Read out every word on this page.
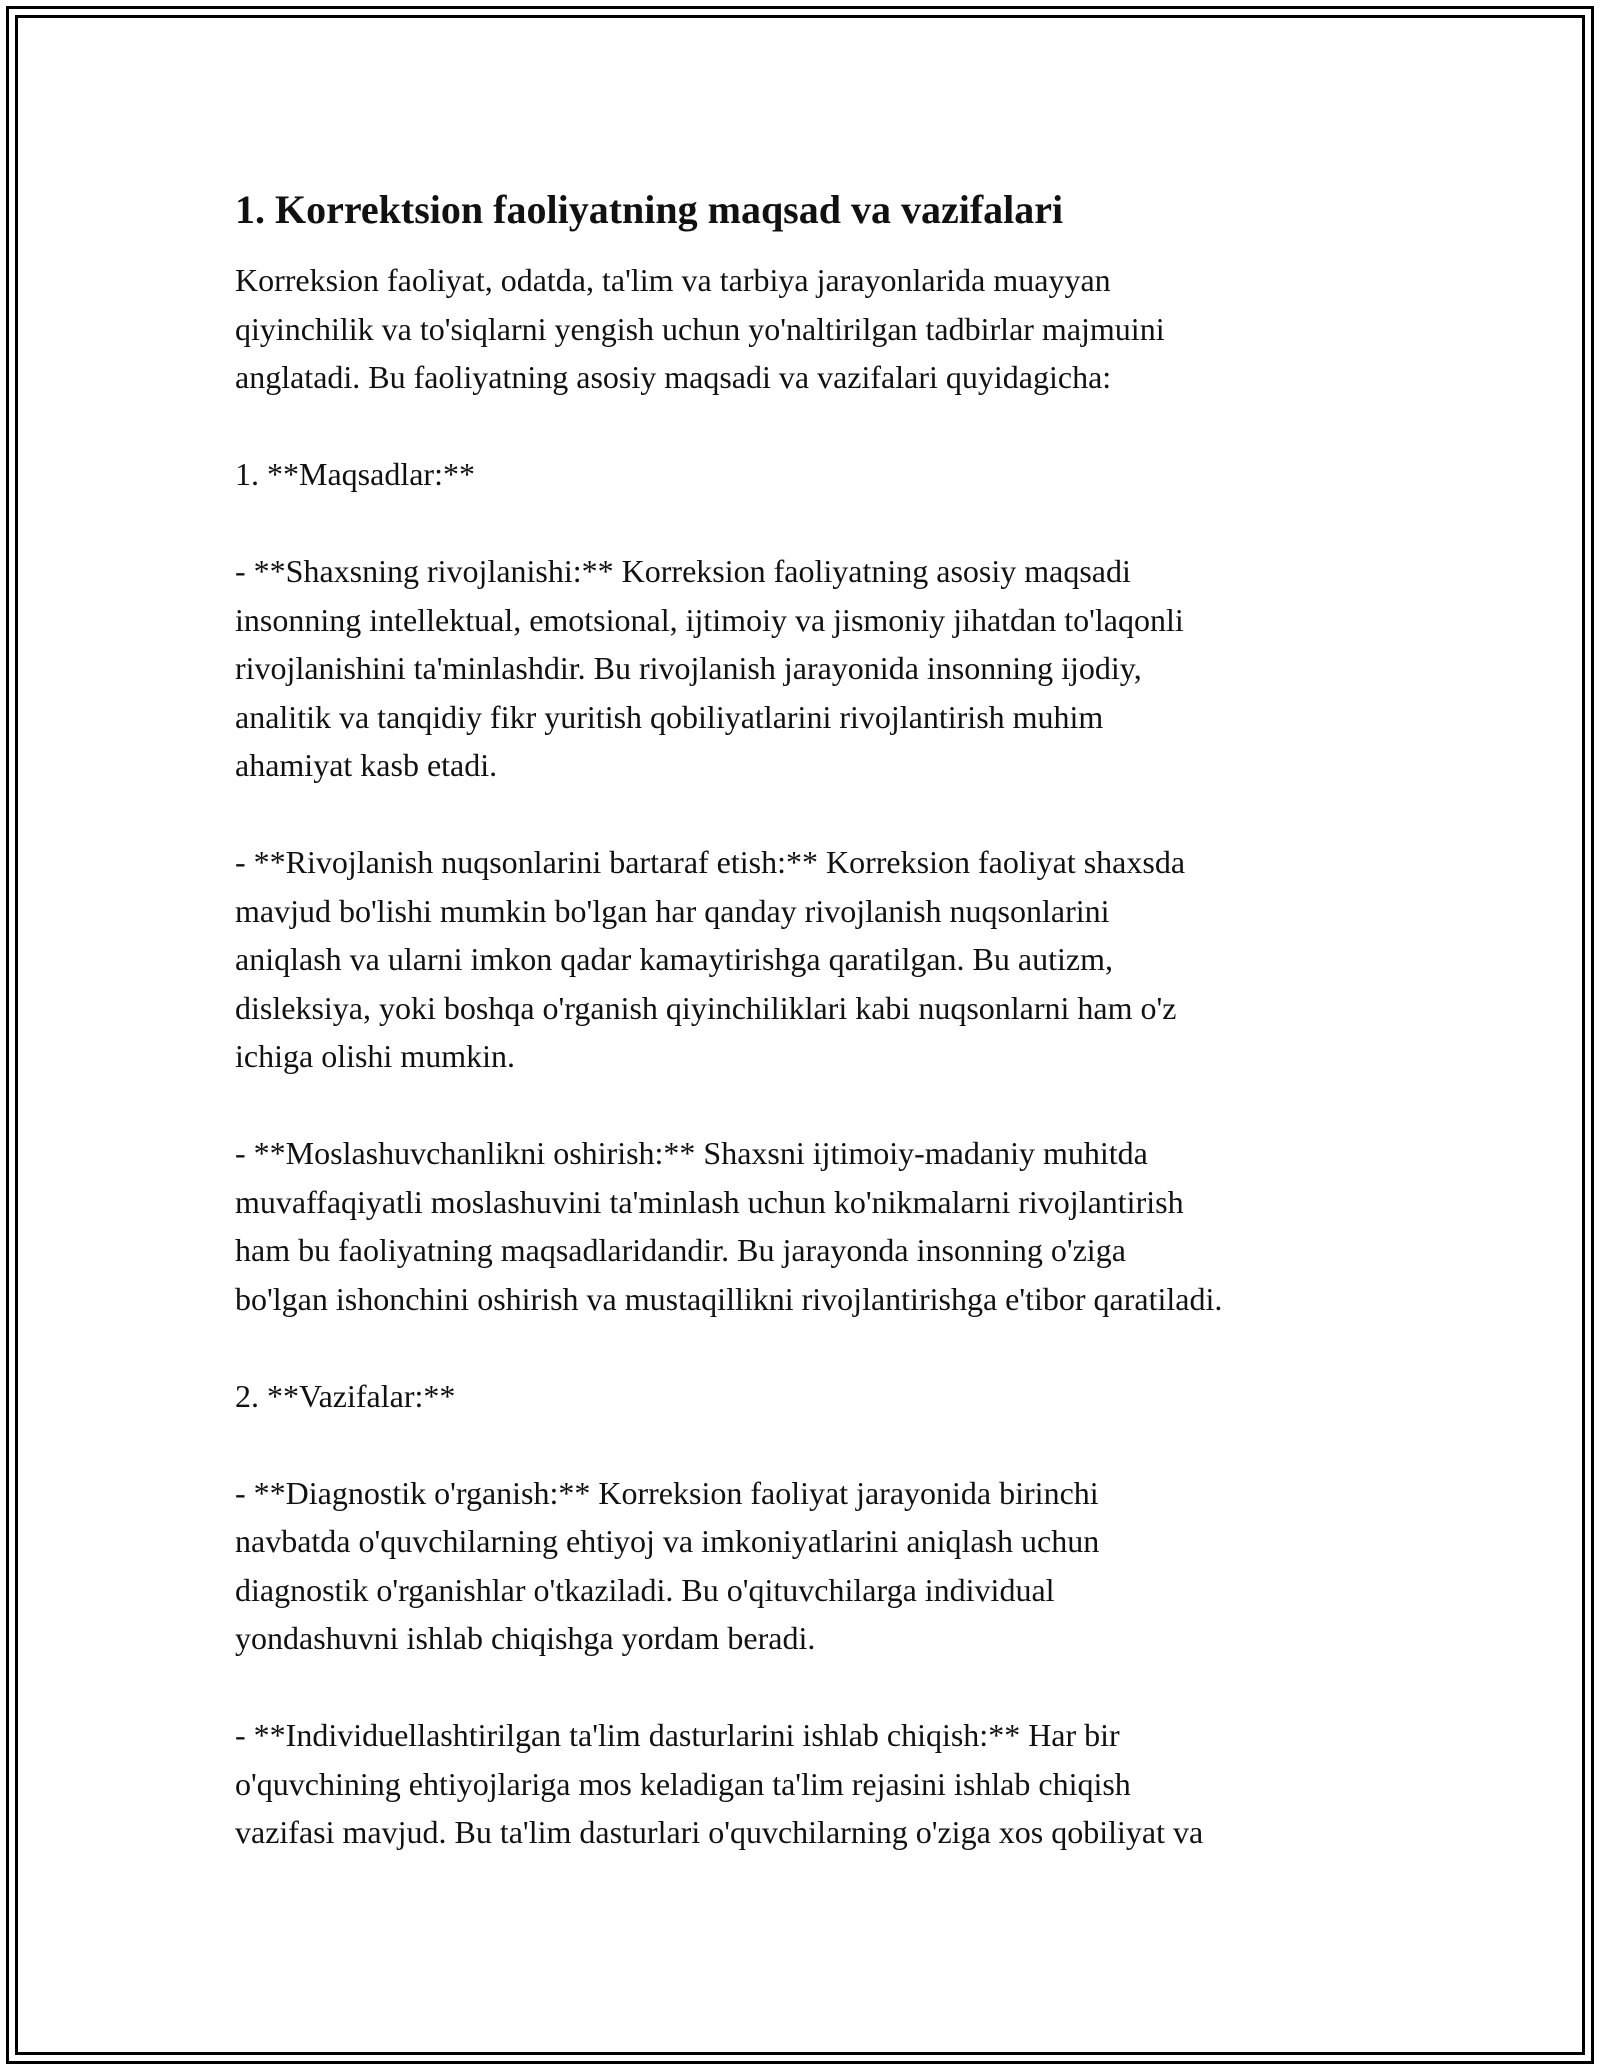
1. Korrektsion faoliyatning maqsad va vazifalari

Korreksion faoliyat, odatda, ta'lim va tarbiya jarayonlarida muayyan
qiyinchilik va to'siqlarni yengish uchun yo'naltirilgan tadbirlar majmuini
anglatadi. Bu faoliyatning asosiy maqsadi va vazifalari quyidagicha:

1. **Maqsadlar:**

- **Shaxsning rivojlanishi:** Korreksion faoliyatning asosiy maqsadi
insonning intellektual, emotsional, ijtimoiy va jismoniy jihatdan to'laqonli
rivojlanishini ta'minlashdir. Bu rivojlanish jarayonida insonning ijodiy,
analitik va tanqidiy fikr yuritish qobiliyatlarini rivojlantirish muhim
ahamiyat kasb etadi.

- **Rivojlanish nuqsonlarini bartaraf etish:** Korreksion faoliyat shaxsda
mavjud bo'lishi mumkin bo'lgan har qanday rivojlanish nuqsonlarini
aniqlash va ularni imkon qadar kamaytirishga qaratilgan. Bu autizm,
disleksiya, yoki boshqa o'rganish qiyinchiliklari kabi nuqsonlarni ham o'z
ichiga olishi mumkin.

- **Moslashuvchanlikni oshirish:** Shaxsni ijtimoiy-madaniy muhitda
muvaffaqiyatli moslashuvini ta'minlash uchun ko'nikmalarni rivojlantirish
ham bu faoliyatning maqsadlaridandir. Bu jarayonda insonning o'ziga
bo'lgan ishonchini oshirish va mustaqillikni rivojlantirishga e'tibor qaratiladi.

2. **Vazifalar:**

- **Diagnostik o'rganish:** Korreksion faoliyat jarayonida birinchi
navbatda o'quvchilarning ehtiyoj va imkoniyatlarini aniqlash uchun
diagnostik o'rganishlar o'tkaziladi. Bu o'qituvchilarga individual
yondashuvni ishlab chiqishga yordam beradi.

- **Individuellashtirilgan ta'lim dasturlarini ishlab chiqish:** Har bir
o'quvchining ehtiyojlariga mos keladigan ta'lim rejasini ishlab chiqish
vazifasi mavjud. Bu ta'lim dasturlari o'quvchilarning o'ziga xos qobiliyat va
